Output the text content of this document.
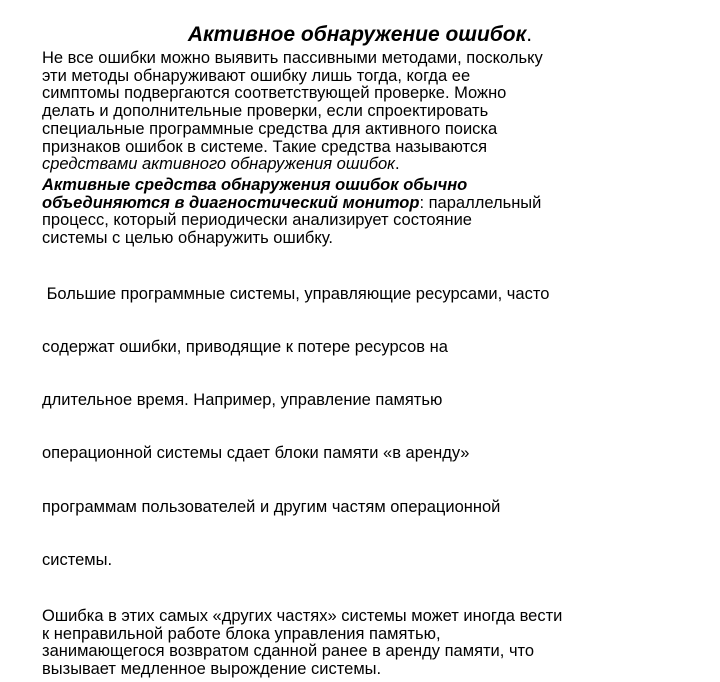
Активное обнаружение ошибок.
Не все ошибки можно выявить пассивными методами, поскольку
эти методы обнаруживают ошибку лишь тогда, когда ее
симптомы подвергаются соответствующей проверке. Можно
делать и дополнительные проверки, если спроектировать
специальные программные средства для активного поиска
признаков ошибок в системе. Такие средства называются
средствами активного обнаружения ошибок.
Активные средства обнаружения ошибок обычно
объединяются в диагностический монитор: параллельный
процесс, который периодически анализирует состояние
системы с целью обнаружить ошибку.

Большие программные системы, управляющие ресурсами, часто

содержат ошибки, приводящие к потере ресурсов на

длительное время. Например, управление памятью

операционной системы сдает блоки памяти «в аренду»

программам пользователей и другим частям операционной

системы.

Ошибка в этих самых «других частях» системы может иногда вести
к неправильной работе блока управления памятью,
занимающегося возвратом сданной ранее в аренду памяти, что
вызывает медленное вырождение системы.
